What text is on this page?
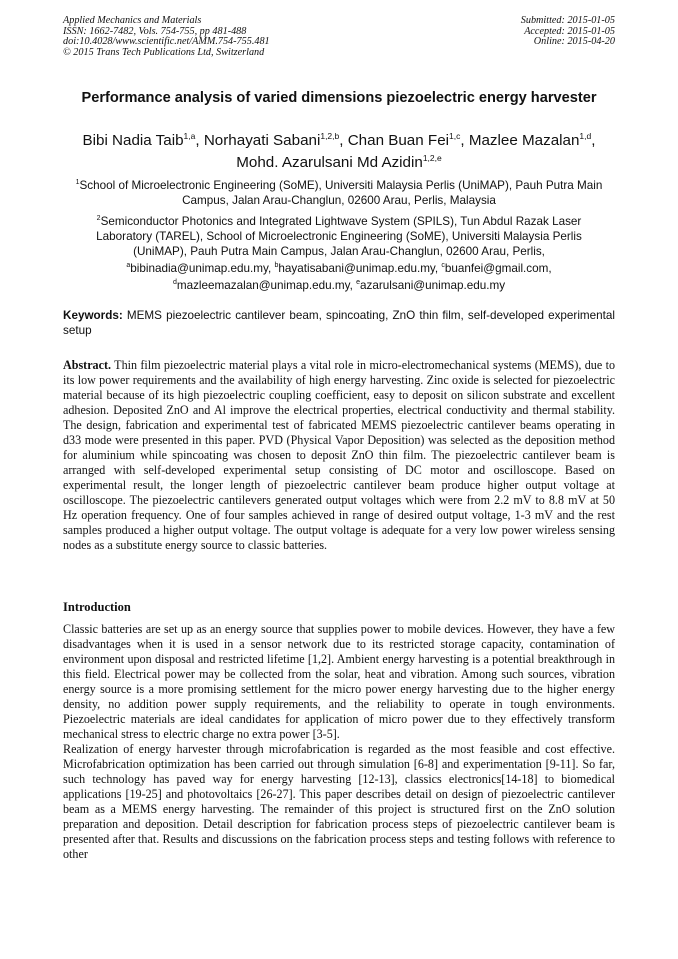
Applied Mechanics and Materials
ISSN: 1662-7482, Vols. 754-755, pp 481-488
doi:10.4028/www.scientific.net/AMM.754-755.481
© 2015 Trans Tech Publications Ltd, Switzerland
Submitted: 2015-01-05
Accepted: 2015-01-05
Online: 2015-04-20
Performance analysis of varied dimensions piezoelectric energy harvester
Bibi Nadia Taib$^{1,a}$, Norhayati Sabani$^{1,2,b}$, Chan Buan Fei$^{1,c}$, Mazlee Mazalan$^{1,d}$,
Mohd. Azarulsani Md Azidin$^{1,2,e}$
$^1$School of Microelectronic Engineering (SoME), Universiti Malaysia Perlis (UniMAP), Pauh Putra Main Campus, Jalan Arau-Changlun, 02600 Arau, Perlis, Malaysia
$^2$Semiconductor Photonics and Integrated Lightwave System (SPILS), Tun Abdul Razak Laser Laboratory (TAREL), School of Microelectronic Engineering (SoME), Universiti Malaysia Perlis (UniMAP), Pauh Putra Main Campus, Jalan Arau-Changlun, 02600 Arau, Perlis,
$^a$bibinadia@unimap.edu.my, $^b$hayatisabani@unimap.edu.my, $^c$buanfei@gmail.com,
$^d$mazleemazalan@unimap.edu.my, $^e$azarulsani@unimap.edu.my
Keywords: MEMS piezoelectric cantilever beam, spincoating, ZnO thin film, self-developed experimental setup
Abstract. Thin film piezoelectric material plays a vital role in micro-electromechanical systems (MEMS), due to its low power requirements and the availability of high energy harvesting. Zinc oxide is selected for piezoelectric material because of its high piezoelectric coupling coefficient, easy to deposit on silicon substrate and excellent adhesion. Deposited ZnO and Al improve the electrical properties, electrical conductivity and thermal stability. The design, fabrication and experimental test of fabricated MEMS piezoelectric cantilever beams operating in d33 mode were presented in this paper. PVD (Physical Vapor Deposition) was selected as the deposition method for aluminium while spincoating was chosen to deposit ZnO thin film. The piezoelectric cantilever beam is arranged with self-developed experimental setup consisting of DC motor and oscilloscope. Based on experimental result, the longer length of piezoelectric cantilever beam produce higher output voltage at oscilloscope. The piezoelectric cantilevers generated output voltages which were from 2.2 mV to 8.8 mV at 50 Hz operation frequency. One of four samples achieved in range of desired output voltage, 1-3 mV and the rest samples produced a higher output voltage. The output voltage is adequate for a very low power wireless sensing nodes as a substitute energy source to classic batteries.
Introduction

Classic batteries are set up as an energy source that supplies power to mobile devices. However, they have a few disadvantages when it is used in a sensor network due to its restricted storage capacity, contamination of environment upon disposal and restricted lifetime [1,2]. Ambient energy harvesting is a potential breakthrough in this field. Electrical power may be collected from the solar, heat and vibration. Among such sources, vibration energy source is a more promising settlement for the micro power energy harvesting due to the higher energy density, no addition power supply requirements, and the reliability to operate in tough environments. Piezoelectric materials are ideal candidates for application of micro power due to they effectively transform mechanical stress to electric charge no extra power [3-5].

Realization of energy harvester through microfabrication is regarded as the most feasible and cost effective. Microfabrication optimization has been carried out through simulation [6-8] and experimentation [9-11]. So far, such technology has paved way for energy harvesting [12-13], classics electronics[14-18] to biomedical applications [19-25] and photovoltaics [26-27]. This paper describes detail on design of piezoelectric cantilever beam as a MEMS energy harvesting. The remainder of this project is structured first on the ZnO solution preparation and deposition. Detail description for fabrication process steps of piezoelectric cantilever beam is presented after that. Results and discussions on the fabrication process steps and testing follows with reference to other
